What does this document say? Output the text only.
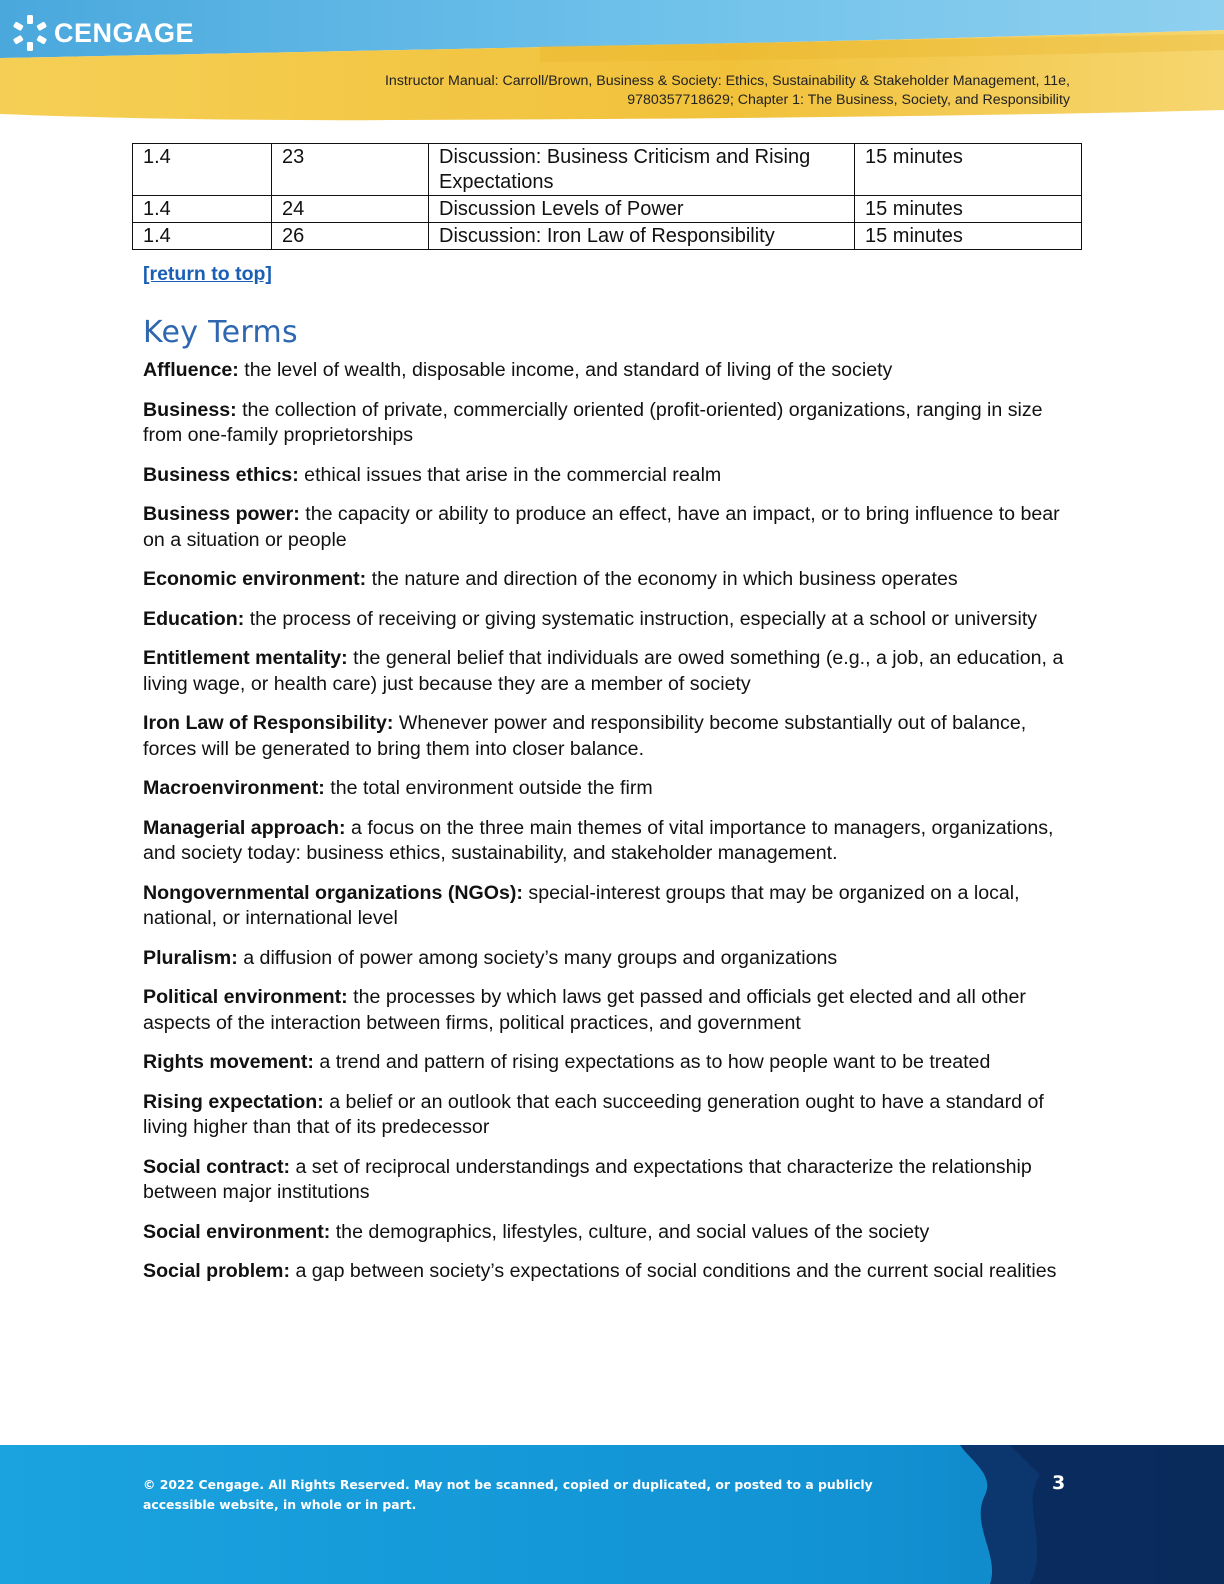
CENGAGE
Instructor Manual: Carroll/Brown, Business & Society: Ethics, Sustainability & Stakeholder Management, 11e,
9780357718629; Chapter 1: The Business, Society, and Responsibility
1.4	23	Discussion: Business Criticism and Rising Expectations	15 minutes
1.4	24	Discussion Levels of Power	15 minutes
1.4	26	Discussion: Iron Law of Responsibility	15 minutes
[return to top]
Key Terms

Affluence: the level of wealth, disposable income, and standard of living of the society

Business: the collection of private, commercially oriented (profit-oriented) organizations, ranging in size from one-family proprietorships

Business ethics: ethical issues that arise in the commercial realm

Business power: the capacity or ability to produce an effect, have an impact, or to bring influence to bear on a situation or people

Economic environment: the nature and direction of the economy in which business operates

Education: the process of receiving or giving systematic instruction, especially at a school or university

Entitlement mentality: the general belief that individuals are owed something (e.g., a job, an education, a living wage, or health care) just because they are a member of society

Iron Law of Responsibility: Whenever power and responsibility become substantially out of balance, forces will be generated to bring them into closer balance.

Macroenvironment: the total environment outside the firm

Managerial approach: a focus on the three main themes of vital importance to managers, organizations, and society today: business ethics, sustainability, and stakeholder management.

Nongovernmental organizations (NGOs): special-interest groups that may be organized on a local, national, or international level

Pluralism: a diffusion of power among society’s many groups and organizations

Political environment: the processes by which laws get passed and officials get elected and all other aspects of the interaction between firms, political practices, and government

Rights movement: a trend and pattern of rising expectations as to how people want to be treated

Rising expectation: a belief or an outlook that each succeeding generation ought to have a standard of living higher than that of its predecessor

Social contract: a set of reciprocal understandings and expectations that characterize the relationship between major institutions

Social environment: the demographics, lifestyles, culture, and social values of the society

Social problem: a gap between society’s expectations of social conditions and the current social realities

© 2022 Cengage. All Rights Reserved. May not be scanned, copied or duplicated, or posted to a publicly accessible website, in whole or in part.
3
